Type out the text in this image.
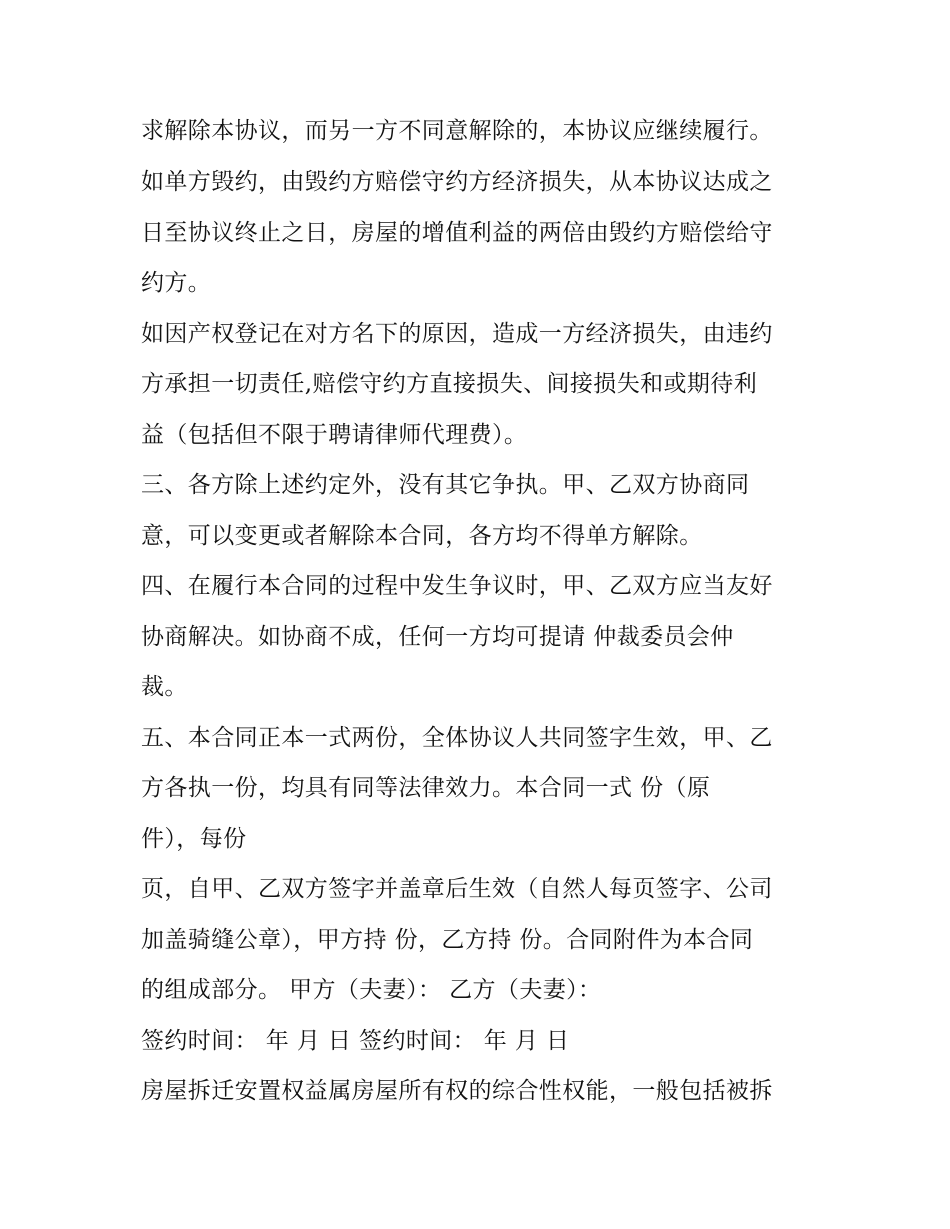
求解除本协议，而另一方不同意解除的，本协议应继续履行。
如单方毁约，由毁约方赔偿守约方经济损失，从本协议达成之
日至协议终止之日，房屋的增值利益的两倍由毁约方赔偿给守
约方。
如因产权登记在对方名下的原因，造成一方经济损失，由违约
方承担一切责任,赔偿守约方直接损失、间接损失和或期待利
益（包括但不限于聘请律师代理费）。
三、各方除上述约定外，没有其它争执。甲、乙双方协商同
意，可以变更或者解除本合同，各方均不得单方解除。
四、在履行本合同的过程中发生争议时，甲、乙双方应当友好
协商解决。如协商不成，任何一方均可提请 仲裁委员会仲
裁。
五、本合同正本一式两份，全体协议人共同签字生效，甲、乙
方各执一份，均具有同等法律效力。本合同一式 份（原
件），每份
页，自甲、乙双方签字并盖章后生效（自然人每页签字、公司
加盖骑缝公章），甲方持 份，乙方持 份。合同附件为本合同
的组成部分。 甲方（夫妻）： 乙方（夫妻）：
签约时间： 年 月 日 签约时间： 年 月 日
房屋拆迁安置权益属房屋所有权的综合性权能，一般包括被拆
